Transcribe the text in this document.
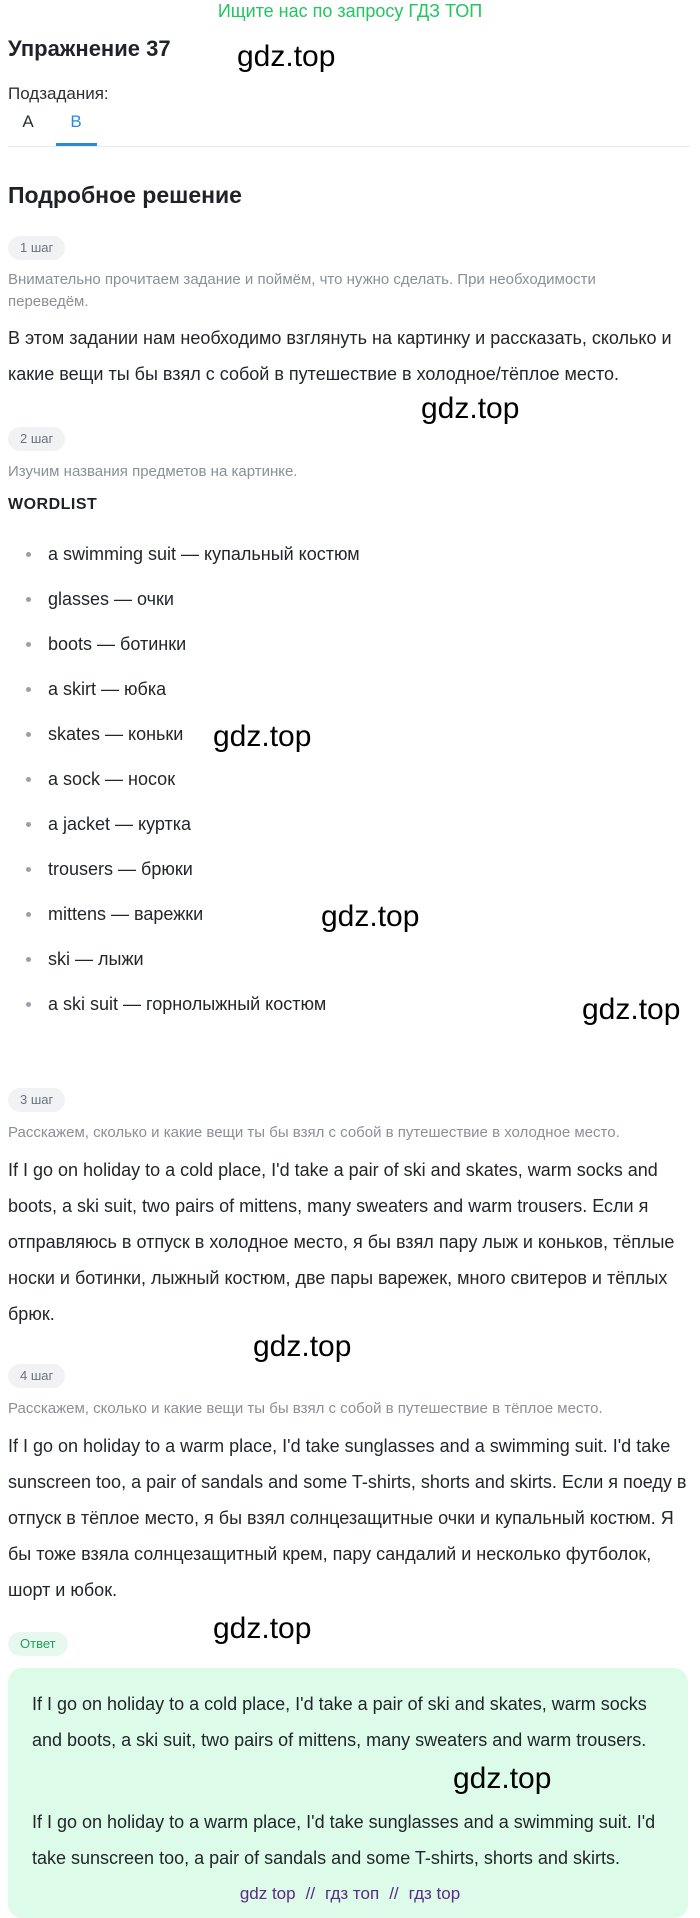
Ищите нас по запросу ГДЗ ТОП
Упражнение 37
Подзадания:
A	B
Подробное решение
1 шаг
Внимательно прочитаем задание и поймём, что нужно сделать. При необходимости переведём.
В этом задании нам необходимо взглянуть на картинку и рассказать, сколько и какие вещи ты бы взял с собой в путешествие в холодное/тёплое место.
2 шаг
Изучим названия предметов на картинке.
WORDLIST
a swimming suit — купальный костюм
glasses — очки
boots — ботинки
a skirt — юбка
skates — коньки
a sock — носок
a jacket — куртка
trousers — брюки
mittens — варежки
ski — лыжи
a ski suit — горнолыжный костюм
3 шаг
Расскажем, сколько и какие вещи ты бы взял с собой в путешествие в холодное место.
If I go on holiday to a cold place, I'd take a pair of ski and skates, warm socks and boots, a ski suit, two pairs of mittens, many sweaters and warm trousers. Если я отправляюсь в отпуск в холодное место, я бы взял пару лыж и коньков, тёплые носки и ботинки, лыжный костюм, две пары варежек, много свитеров и тёплых брюк.
4 шаг
Расскажем, сколько и какие вещи ты бы взял с собой в путешествие в тёплое место.
If I go on holiday to a warm place, I'd take sunglasses and a swimming suit. I'd take sunscreen too, a pair of sandals and some T-shirts, shorts and skirts. Если я поеду в отпуск в тёплое место, я бы взял солнцезащитные очки и купальный костюм. Я бы тоже взяла солнцезащитный крем, пару сандалий и несколько футболок, шорт и юбок.
Ответ
If I go on holiday to a cold place, I'd take a pair of ski and skates, warm socks and boots, a ski suit, two pairs of mittens, many sweaters and warm trousers.
If I go on holiday to a warm place, I'd take sunglasses and a swimming suit. I'd take sunscreen too, a pair of sandals and some T-shirts, shorts and skirts.
gdz.top
gdz.top
gdz.top
gdz.top
gdz.top
gdz.top
gdz.top
gdz.top
gdz top // гдз топ // гдз top
